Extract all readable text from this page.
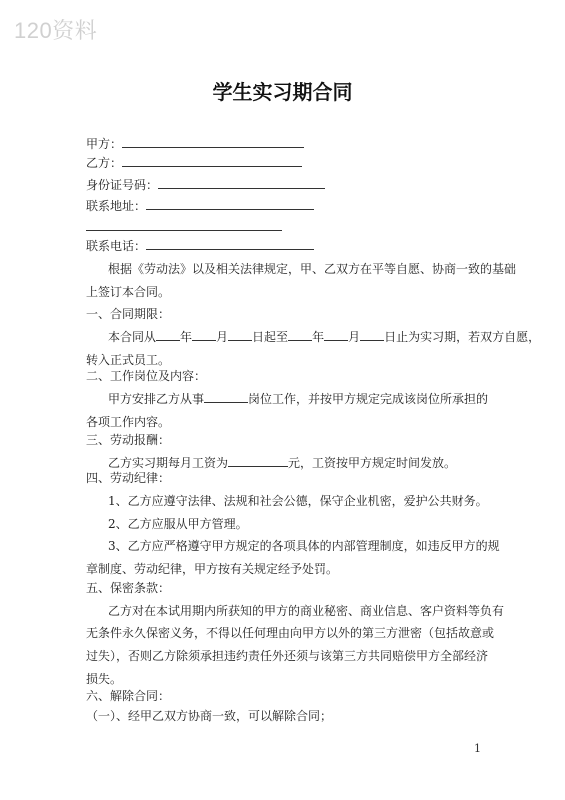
120资料
学生实习期合同
甲方：
乙方：
身份证号码：
联系地址：
联系电话：
根据《劳动法》以及相关法律规定，甲、乙双方在平等自愿、协商一致的基础
上签订本合同。
一、合同期限：
本合同从 年 月 日起至 年 月 日止为实习期，若双方自愿，
转入正式员工。
二、工作岗位及内容：
甲方安排乙方从事	岗位工作，并按甲方规定完成该岗位所承担的
各项工作内容。
三、劳动报酬：
乙方实习期每月工资为	元，工资按甲方规定时间发放。
四、劳动纪律：
1、乙方应遵守法律、法规和社会公德，保守企业机密，爱护公共财务。
2、乙方应服从甲方管理。
3、乙方应严格遵守甲方规定的各项具体的内部管理制度，如违反甲方的规
章制度、劳动纪律，甲方按有关规定经予处罚。
五、保密条款：
乙方对在本试用期内所获知的甲方的商业秘密、商业信息、客户资料等负有
无条件永久保密义务，不得以任何理由向甲方以外的第三方泄密（包括故意或
过失），否则乙方除须承担违约责任外还须与该第三方共同赔偿甲方全部经济
损失。
六、解除合同：
（一）、经甲乙双方协商一致，可以解除合同；
1
